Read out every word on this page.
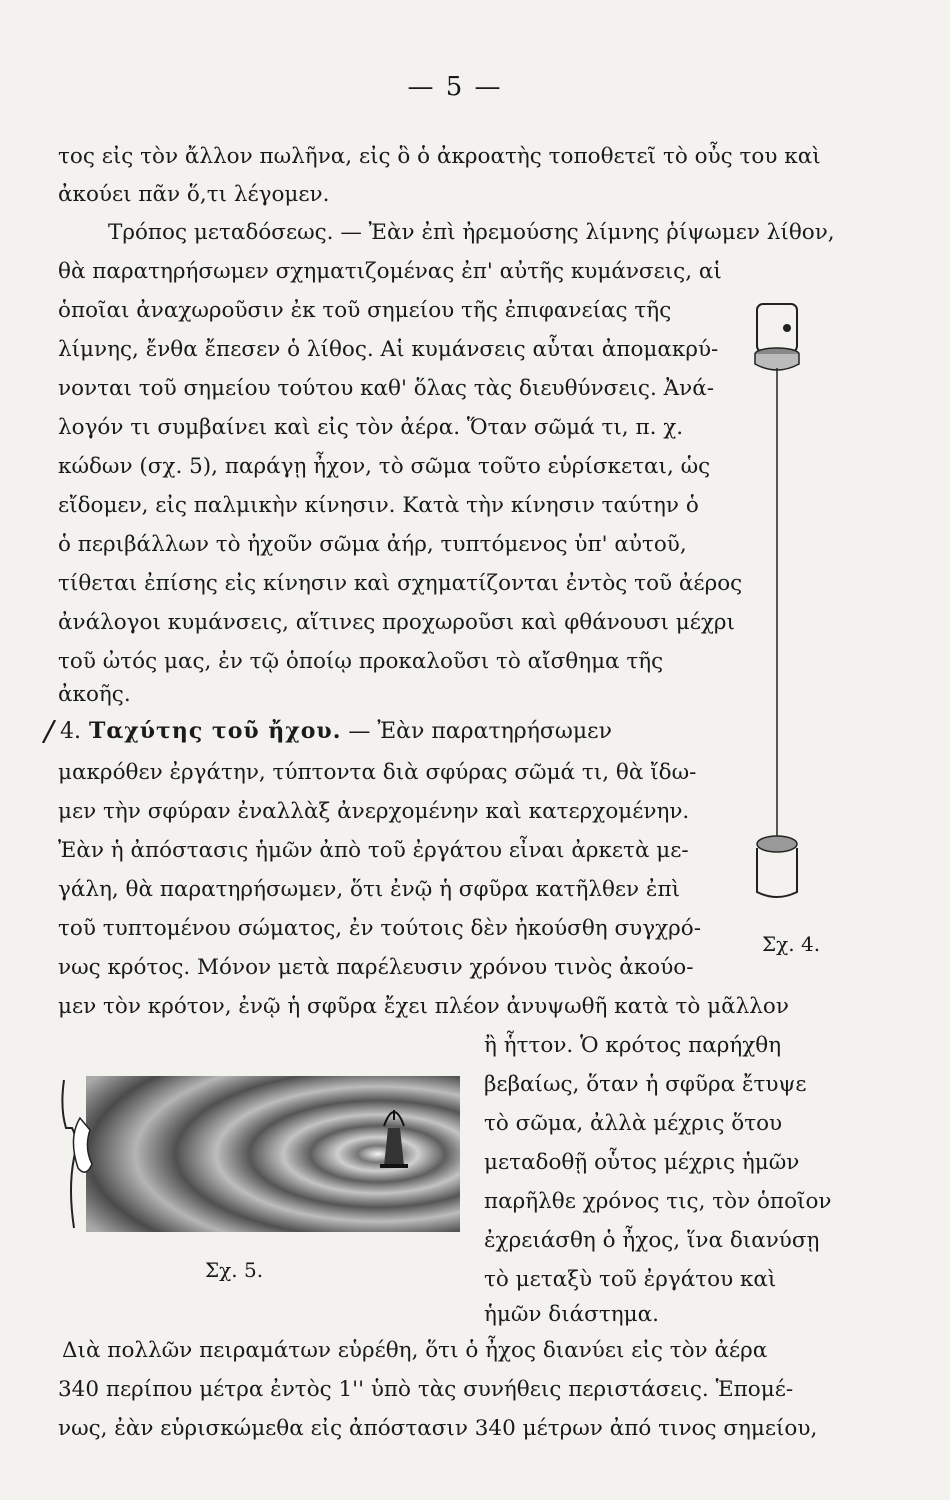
— 5 —
τος εἰς τὸν ἄλλον πωλῆνα, εἰς ὃ ὁ ἀκροατὴς τοποθετεῖ τὸ οὖς του καὶ
ἀκούει πᾶν ὅ,τι λέγομεν.
Τρόπος μεταδόσεως. — Ἐὰν ἐπὶ ἠρεμούσης λίμνης ῥίψωμεν λίθον,
θὰ παρατηρήσωμεν σχηματιζομένας ἐπ' αὐτῆς κυμάνσεις, αἱ
ὁποῖαι ἀναχωροῦσιν ἐκ τοῦ σημείου τῆς ἐπιφανείας τῆς
λίμνης, ἔνθα ἔπεσεν ὁ λίθος. Αἱ κυμάνσεις αὗται ἀπομακρύ-
νονται τοῦ σημείου τούτου καθ' ὅλας τὰς διευθύνσεις. Ἀνά-
λογόν τι συμβαίνει καὶ εἰς τὸν ἀέρα. Ὅταν σῶμά τι, π. χ.
κώδων (σχ. 5), παράγῃ ἦχον, τὸ σῶμα τοῦτο εὑρίσκεται, ὡς
εἴδομεν, εἰς παλμικὴν κίνησιν. Κατὰ τὴν κίνησιν ταύτην ὁ
ὁ περιβάλλων τὸ ἠχοῦν σῶμα ἀήρ, τυπτόμενος ὑπ' αὐτοῦ,
τίθεται ἐπίσης εἰς κίνησιν καὶ σχηματίζονται ἐντὸς τοῦ ἀέρος
ἀνάλογοι κυμάνσεις, αἵτινες προχωροῦσι καὶ φθάνουσι μέχρι
τοῦ ὠτός μας, ἐν τῷ ὁποίῳ προκαλοῦσι τὸ αἴσθημα τῆς
ἀκοῆς.
/ 4. Ταχύτης τοῦ ἤχου. — Ἐὰν παρατηρήσωμεν
μακρόθεν ἐργάτην, τύπτοντα διὰ σφύρας σῶμά τι, θὰ ἴδω-
μεν τὴν σφύραν ἐναλλὰξ ἀνερχομένην καὶ κατερχομένην.
Ἐὰν ἡ ἀπόστασις ἡμῶν ἀπὸ τοῦ ἐργάτου εἶναι ἀρκετὰ με-
γάλη, θὰ παρατηρήσωμεν, ὅτι ἐνῷ ἡ σφῦρα κατῆλθεν ἐπὶ
τοῦ τυπτομένου σώματος, ἐν τούτοις δὲν ἠκούσθη συγχρό-
νως κρότος. Μόνον μετὰ παρέλευσιν χρόνου τινὸς ἀκούο-
μεν τὸν κρότον, ἐνῷ ἡ σφῦρα ἔχει πλέον ἀνυψωθῆ κατὰ τὸ μᾶλλον
ἢ ἧττον. Ὁ κρότος παρήχθη
βεβαίως, ὅταν ἡ σφῦρα ἔτυψε
τὸ σῶμα, ἀλλὰ μέχρις ὅτου
μεταδοθῇ οὗτος μέχρις ἡμῶν
παρῆλθε χρόνος τις, τὸν ὁποῖον
ἐχρειάσθη ὁ ἦχος, ἵνα διανύσῃ
τὸ μεταξὺ τοῦ ἐργάτου καὶ
ἡμῶν διάστημα.
Διὰ πολλῶν πειραμάτων εὑρέθη, ὅτι ὁ ἦχος διανύει εἰς τὸν ἀέρα
340 περίπου μέτρα ἐντὸς 1'' ὑπὸ τὰς συνήθεις περιστάσεις. Ἑπομέ-
νως, ἐὰν εὑρισκώμεθα εἰς ἀπόστασιν 340 μέτρων ἀπό τινος σημείου,
Σχ. 4.
Σχ. 5.
